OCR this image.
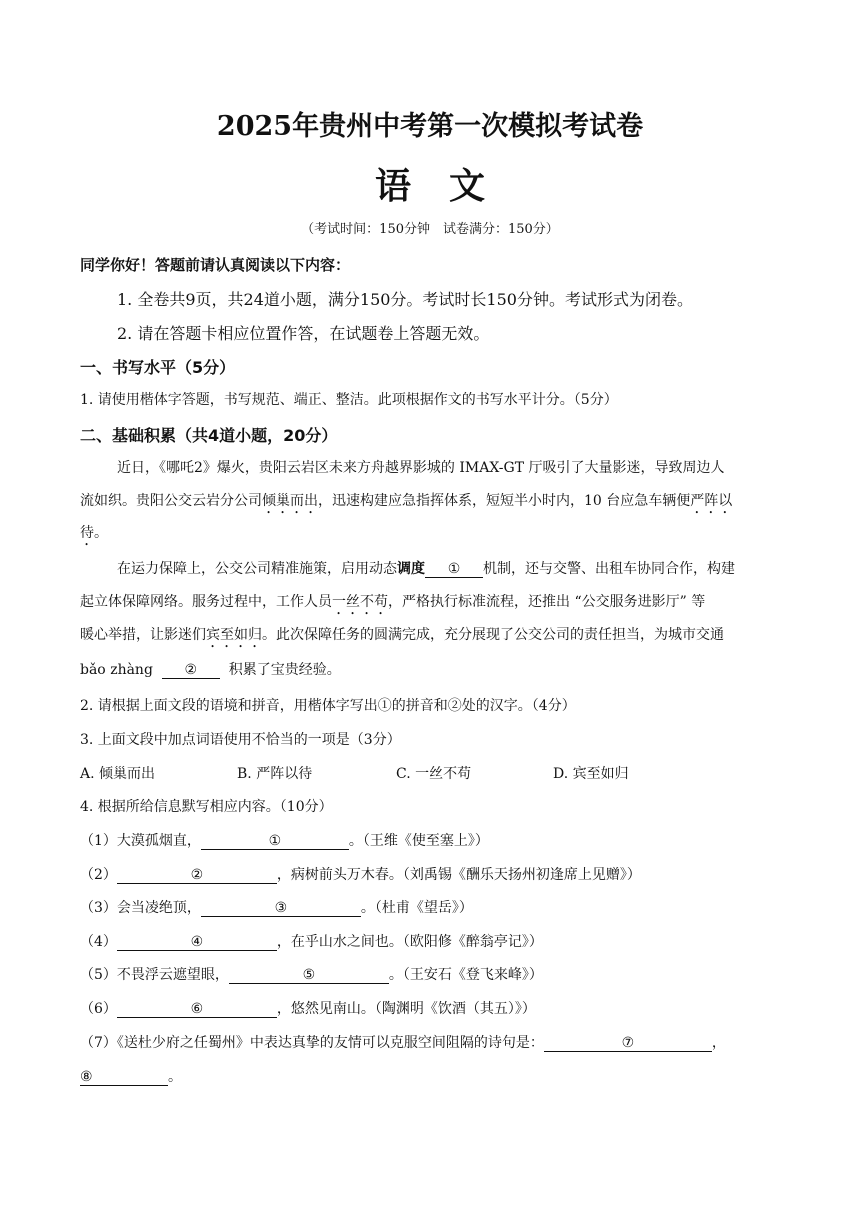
2025年贵州中考第一次模拟考试卷
语文
（考试时间：150分钟　试卷满分：150分）
同学你好！答题前请认真阅读以下内容：
1. 全卷共9页，共24道小题，满分150分。考试时长150分钟。考试形式为闭卷。
2. 请在答题卡相应位置作答，在试题卷上答题无效。
一、书写水平（5分）
1. 请使用楷体字答题，书写规范、端正、整洁。此项根据作文的书写水平计分。（5分）
二、基础积累（共4道小题，20分）
近日，《哪吒2》爆火，贵阳云岩区未来方舟越界影城的 IMAX-GT 厅吸引了大量影迷，导致周边人
流如织。贵阳公交云岩分公司倾巢而出，迅速构建应急指挥体系，短短半小时内，10 台应急车辆便严阵以
待。
在运力保障上，公交公司精准施策，启用动态调度 ① 机制，还与交警、出租车协同合作，构建
起立体保障网络。服务过程中，工作人员一丝不苟，严格执行标准流程，还推出 “公交服务进影厅” 等
暖心举措，让影迷们宾至如归。此次保障任务的圆满完成，充分展现了公交公司的责任担当，为城市交通
bǎo zhàng ② 积累了宝贵经验。
2. 请根据上面文段的语境和拼音，用楷体字写出①的拼音和②处的汉字。（4分）
3. 上面文段中加点词语使用不恰当的一项是（3分）
A. 倾巢而出	B. 严阵以待	C. 一丝不苟	D. 宾至如归
4. 根据所给信息默写相应内容。（10分）
（1）大漠孤烟直，	①	。（王维《使至塞上》）
（2）	②	，病树前头万木春。（刘禹锡《酬乐天扬州初逢席上见赠》）
（3）会当凌绝顶，	③	。（杜甫《望岳》）
（4）	④	，在乎山水之间也。（欧阳修《醉翁亭记》）
（5）不畏浮云遮望眼，	⑤	。（王安石《登飞来峰》）
（6）	⑥	，悠然见南山。（陶渊明《饮酒（其五）》）
（7）《送杜少府之任蜀州》中表达真挚的友情可以克服空间阻隔的诗句是：	⑦	，
⑧	。
